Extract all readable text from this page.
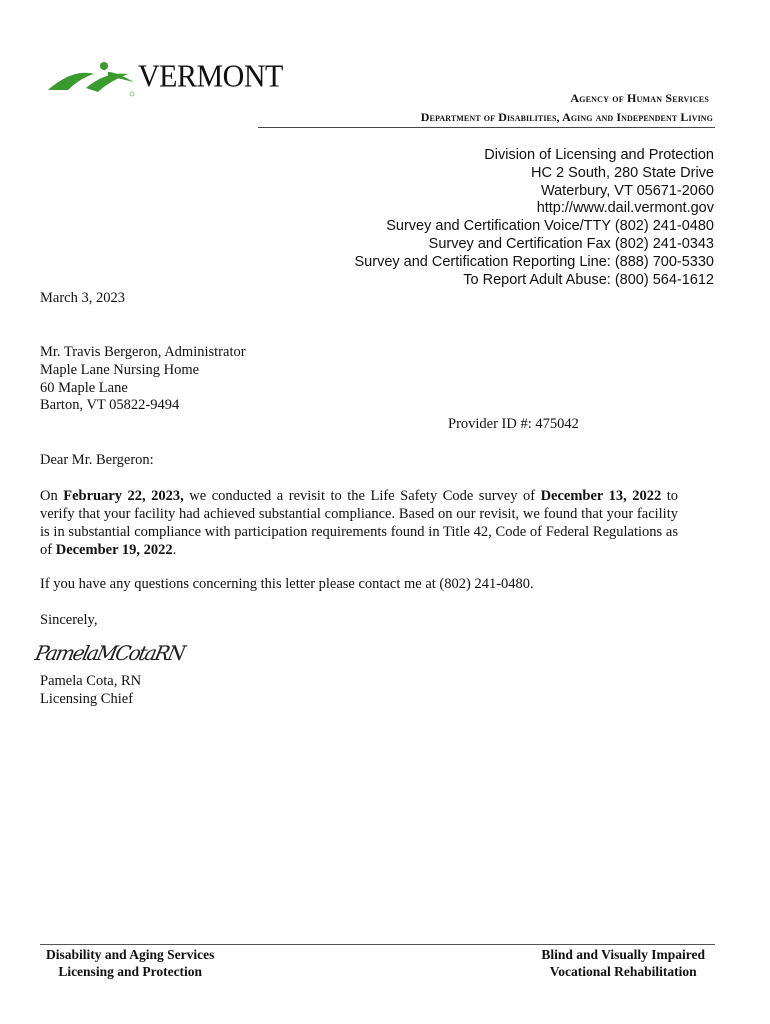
VERMONT
Agency of Human Services
Department of Disabilities, Aging and Independent Living
Division of Licensing and Protection
HC 2 South, 280 State Drive
Waterbury, VT 05671-2060
http://www.dail.vermont.gov
Survey and Certification Voice/TTY (802) 241-0480
Survey and Certification Fax (802) 241-0343
Survey and Certification Reporting Line: (888) 700-5330
To Report Adult Abuse: (800) 564-1612
March 3, 2023
Mr. Travis Bergeron, Administrator
Maple Lane Nursing Home
60 Maple Lane
Barton, VT 05822-9494
Provider ID #: 475042
Dear Mr. Bergeron:
On February 22, 2023, we conducted a revisit to the Life Safety Code survey of December 13, 2022 to verify that your facility had achieved substantial compliance. Based on our revisit, we found that your facility is in substantial compliance with participation requirements found in Title 42, Code of Federal Regulations as of December 19, 2022.
If you have any questions concerning this letter please contact me at (802) 241-0480.
Sincerely,
PamelaMCotaRN
Pamela Cota, RN
Licensing Chief
Disability and Aging Services
Licensing and Protection
Blind and Visually Impaired
Vocational Rehabilitation
